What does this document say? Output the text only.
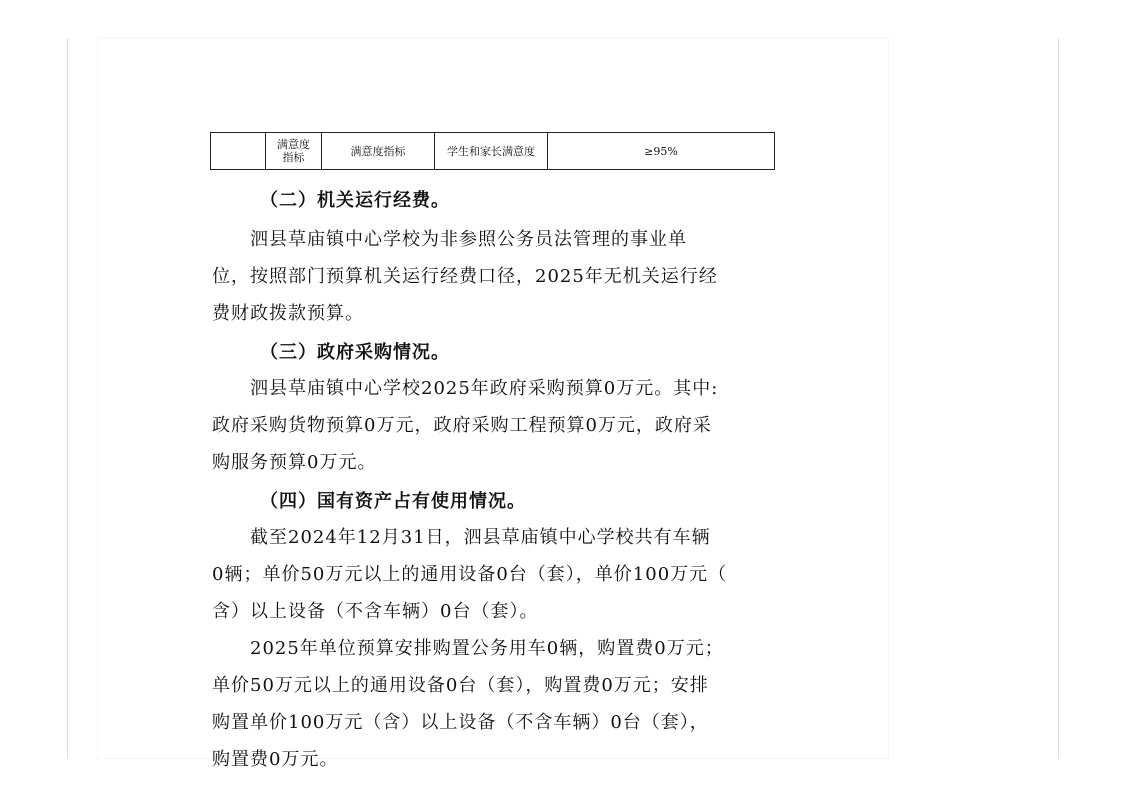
	满意度指标	满意度指标	学生和家长满意度	≥95%
（二）机关运行经费。
　　泗县草庙镇中心学校为非参照公务员法管理的事业单
位，按照部门预算机关运行经费口径，2025年无机关运行经
费财政拨款预算。
（三）政府采购情况。
　　泗县草庙镇中心学校2025年政府采购预算0万元。其中:
政府采购货物预算0万元，政府采购工程预算0万元，政府采
购服务预算0万元。
（四）国有资产占有使用情况。
　　截至2024年12月31日，泗县草庙镇中心学校共有车辆
0辆；单价50万元以上的通用设备0台（套），单价100万元（
含）以上设备（不含车辆）0台（套）。
　　2025年单位预算安排购置公务用车0辆，购置费0万元；
单价50万元以上的通用设备0台（套），购置费0万元；安排
购置单价100万元（含）以上设备（不含车辆）0台（套），
购置费0万元。
